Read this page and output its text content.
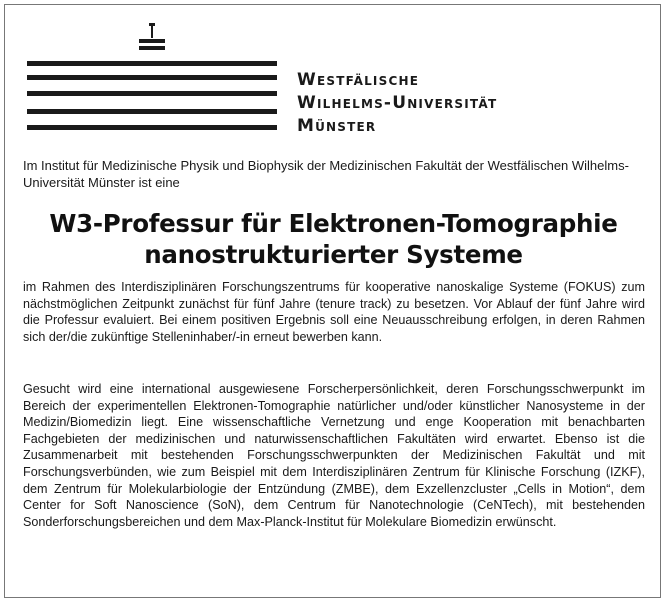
Westfälische
Wilhelms-Universität
Münster

Im Institut für Medizinische Physik und Biophysik der Medizinischen Fakultät der Westfälischen Wilhelms-Universität Münster ist eine

W3-Professur für Elektronen-Tomographie
nanostrukturierter Systeme

im Rahmen des Interdisziplinären Forschungszentrums für kooperative nanoskalige Systeme (FOKUS) zum nächstmöglichen Zeitpunkt zunächst für fünf Jahre (tenure track) zu besetzen. Vor Ablauf der fünf Jahre wird die Professur evaluiert. Bei einem positiven Ergebnis soll eine Neuausschreibung erfolgen, in deren Rahmen sich der/die zukünftige Stelleninhaber/-in erneut bewerben kann.

Gesucht wird eine international ausgewiesene Forscherpersönlichkeit, deren Forschungsschwerpunkt im Bereich der experimentellen Elektronen-Tomographie natürlicher und/oder künstlicher Nanosysteme in der Medizin/Biomedizin liegt. Eine wissenschaftliche Vernetzung und enge Kooperation mit benachbarten Fachgebieten der medizinischen und naturwissenschaftlichen Fakultäten wird erwartet. Ebenso ist die Zusammenarbeit mit bestehenden Forschungsschwerpunkten der Medizinischen Fakultät und mit Forschungsverbünden, wie zum Beispiel mit dem Interdisziplinären Zentrum für Klinische Forschung (IZKF), dem Zentrum für Molekularbiologie der Entzündung (ZMBE), dem Exzellenzcluster „Cells in Motion“, dem Center for Soft Nanoscience (SoN), dem Centrum für Nanotechnologie (CeNTech), mit bestehenden Sonderforschungsbereichen und dem Max-Planck-Institut für Molekulare Biomedizin erwünscht.
